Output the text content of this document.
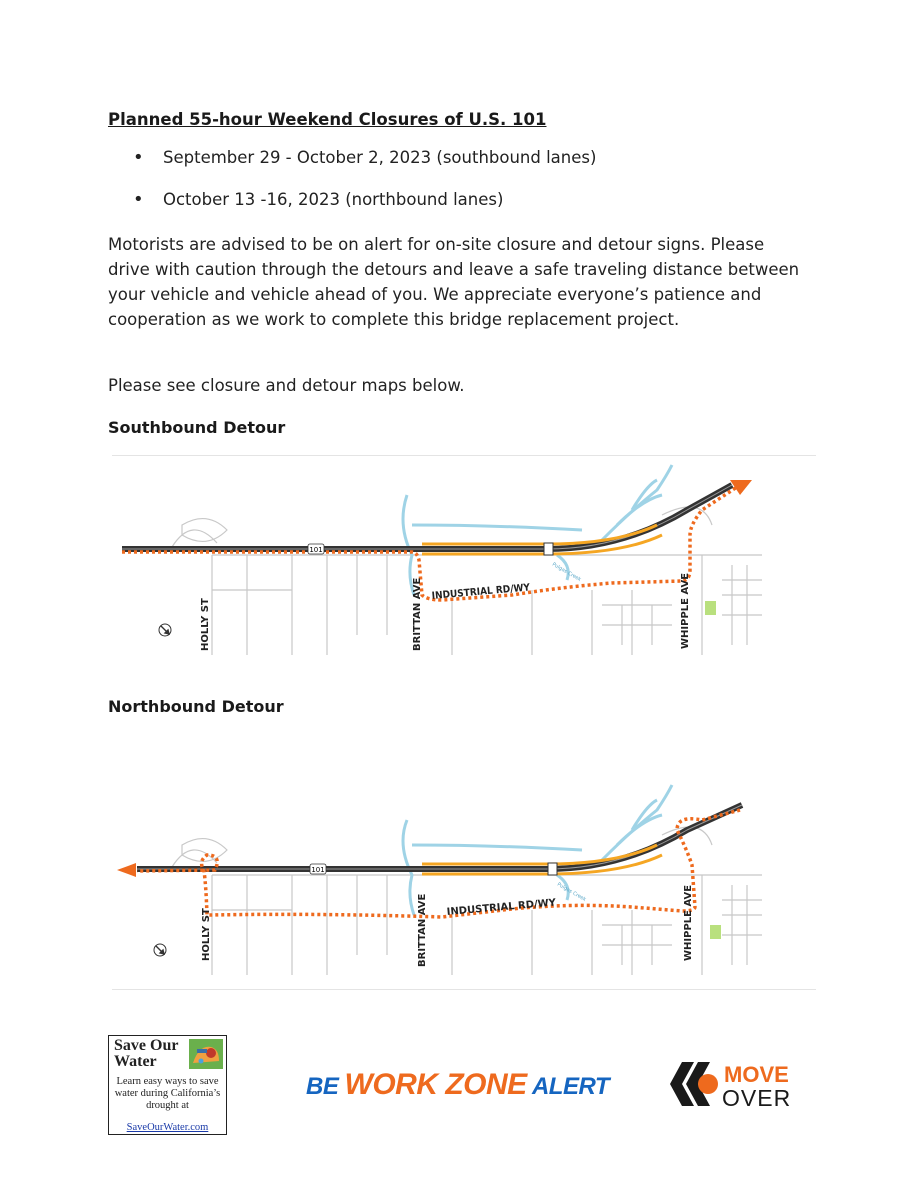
Planned 55-hour Weekend Closures of U.S. 101
• September 29 - October 2, 2023 (southbound lanes)
• October 13 -16, 2023 (northbound lanes)
Motorists are advised to be on alert for on-site closure and detour signs. Please drive with caution through the detours and leave a safe traveling distance between your vehicle and vehicle ahead of you. We appreciate everyone’s patience and cooperation as we work to complete this bridge replacement project.
Please see closure and detour maps below.
Southbound Detour
101
INDUSTRIAL RD/WY
HOLLY ST	BRITTAN AVE	WHIPPLE AVE
Pulgas Creek
Northbound Detour
101
INDUSTRIAL RD/WY
HOLLY ST	BRITTAN AVE	WHIPPLE AVE
Pulgas Creek
Save Our Water
Learn easy ways to save water during California’s drought at
SaveOurWater.com
BE WORK ZONE ALERT	MOVE
OVER
